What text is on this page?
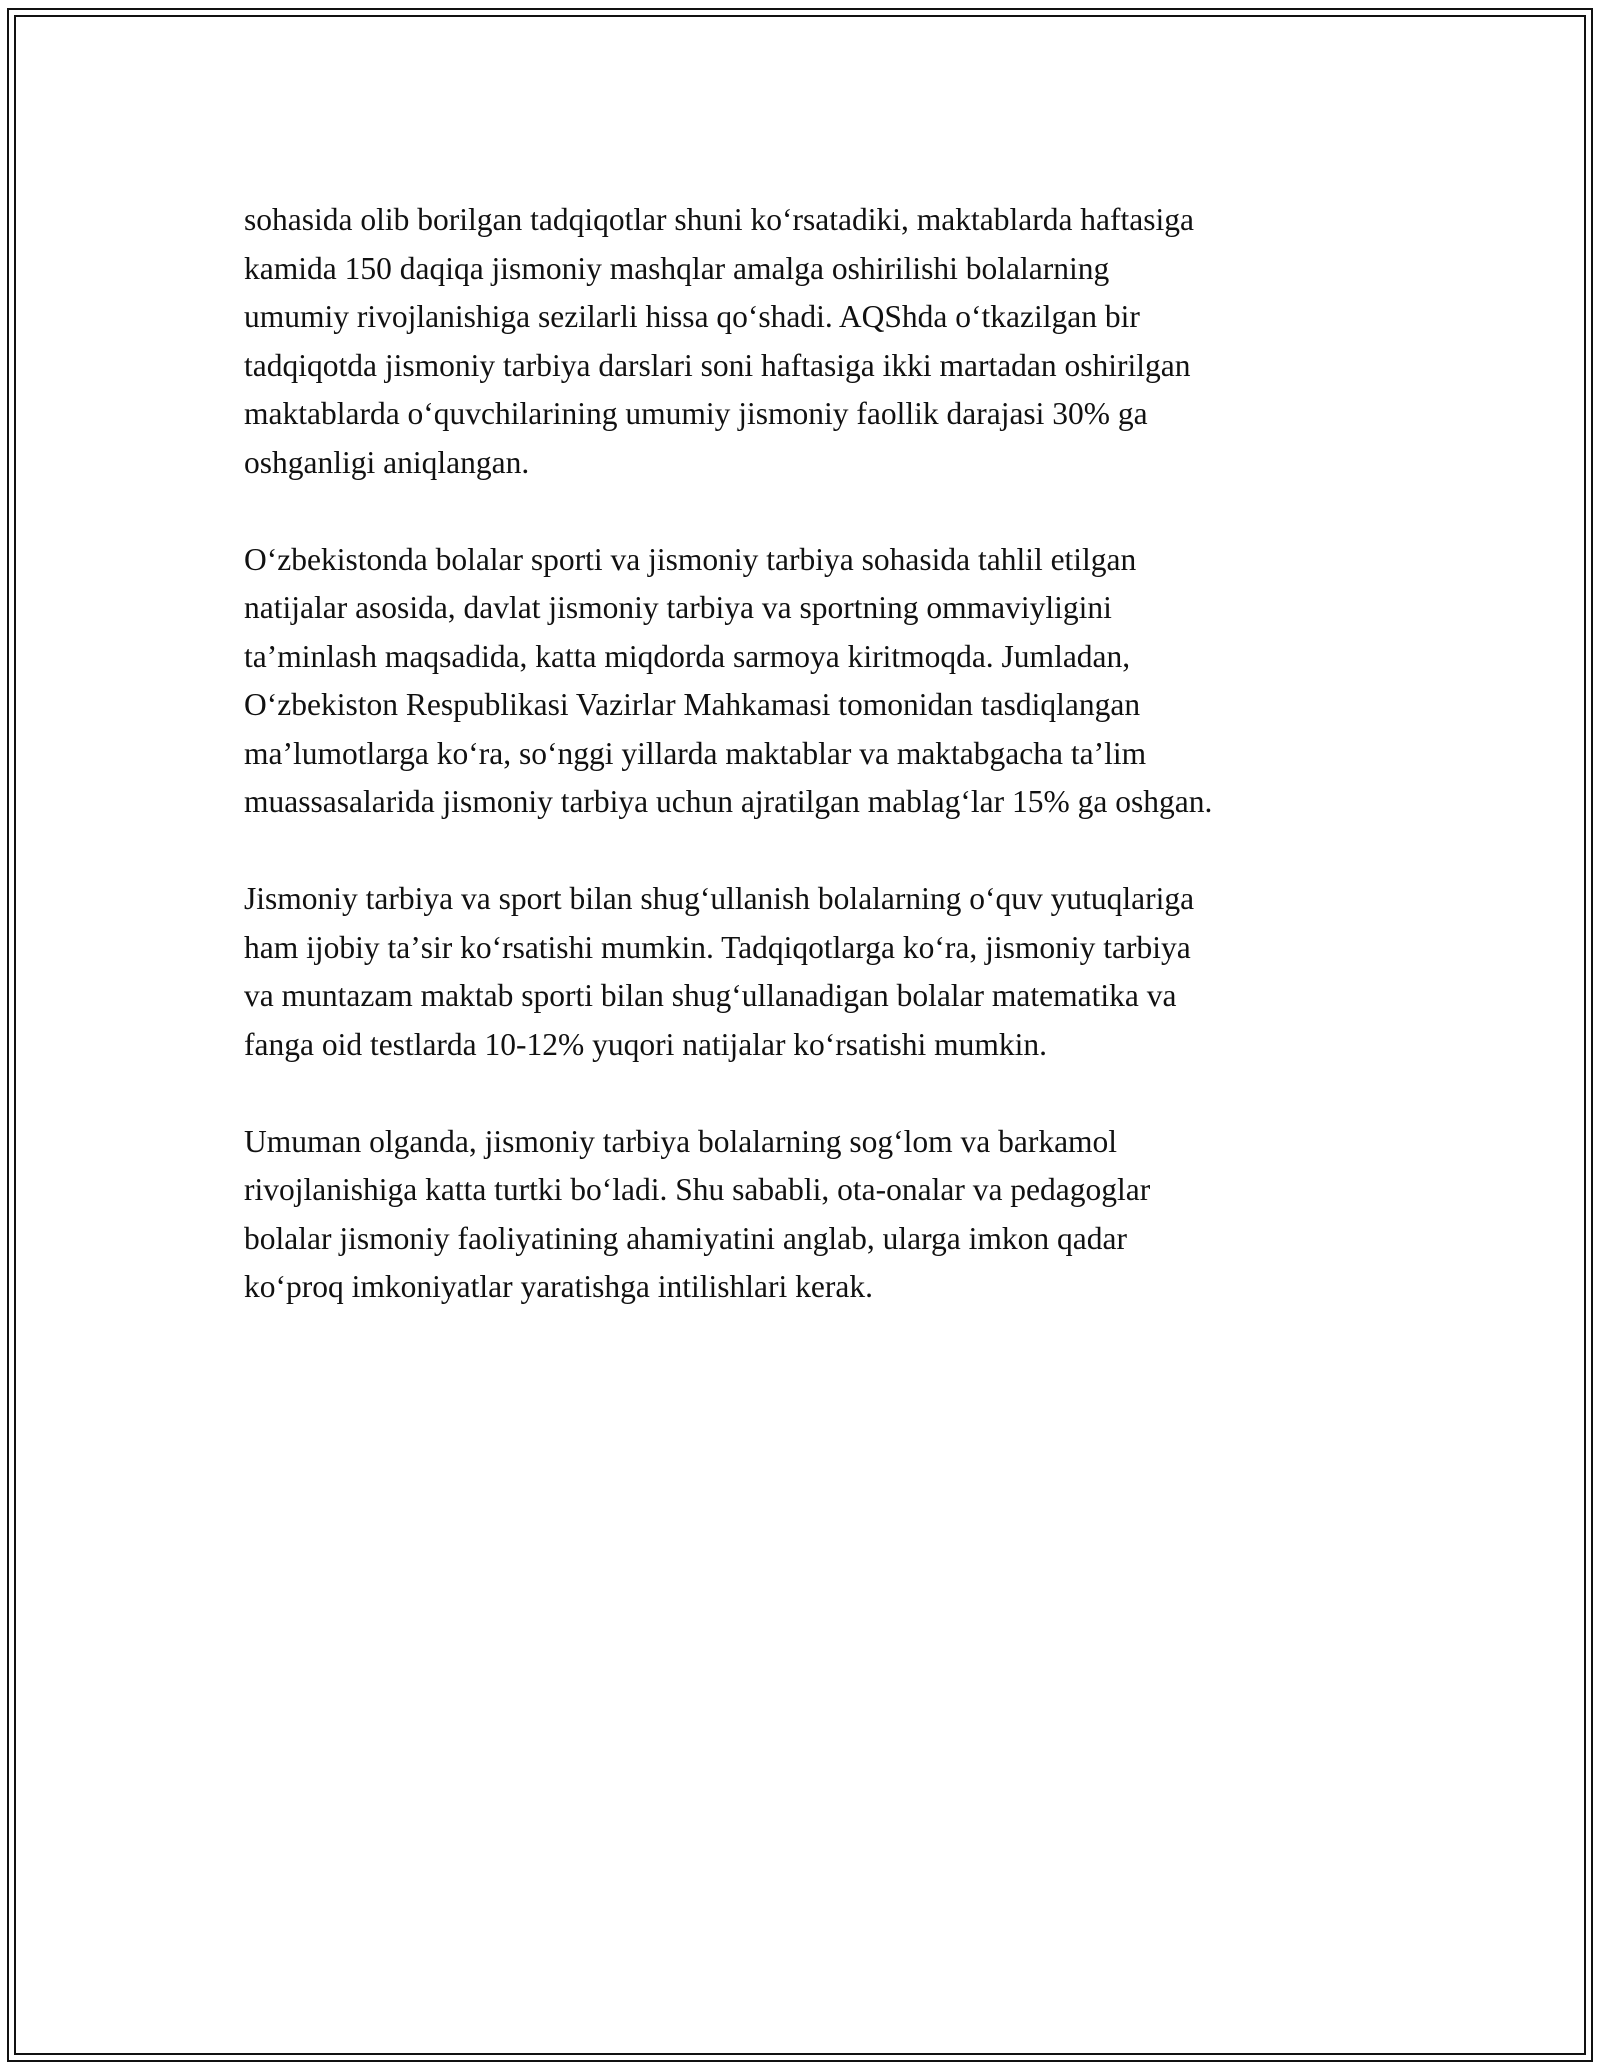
sohasida olib borilgan tadqiqotlar shuni koʻrsatadiki, maktablarda haftasiga
kamida 150 daqiqa jismoniy mashqlar amalga oshirilishi bolalarning
umumiy rivojlanishiga sezilarli hissa qoʻshadi. AQShda oʻtkazilgan bir
tadqiqotda jismoniy tarbiya darslari soni haftasiga ikki martadan oshirilgan
maktablarda oʻquvchilarining umumiy jismoniy faollik darajasi 30% ga
oshganligi aniqlangan.

Oʻzbekistonda bolalar sporti va jismoniy tarbiya sohasida tahlil etilgan
natijalar asosida, davlat jismoniy tarbiya va sportning ommaviyligini
taʼminlash maqsadida, katta miqdorda sarmoya kiritmoqda. Jumladan,
Oʻzbekiston Respublikasi Vazirlar Mahkamasi tomonidan tasdiqlangan
maʼlumotlarga koʻra, soʻnggi yillarda maktablar va maktabgacha taʼlim
muassasalarida jismoniy tarbiya uchun ajratilgan mablagʻlar 15% ga oshgan.

Jismoniy tarbiya va sport bilan shugʻullanish bolalarning oʻquv yutuqlariga
ham ijobiy taʼsir koʻrsatishi mumkin. Tadqiqotlarga koʻra, jismoniy tarbiya
va muntazam maktab sporti bilan shugʻullanadigan bolalar matematika va
fanga oid testlarda 10-12% yuqori natijalar koʻrsatishi mumkin.

Umuman olganda, jismoniy tarbiya bolalarning sogʻlom va barkamol
rivojlanishiga katta turtki boʻladi. Shu sababli, ota-onalar va pedagoglar
bolalar jismoniy faoliyatining ahamiyatini anglab, ularga imkon qadar
koʻproq imkoniyatlar yaratishga intilishlari kerak.
